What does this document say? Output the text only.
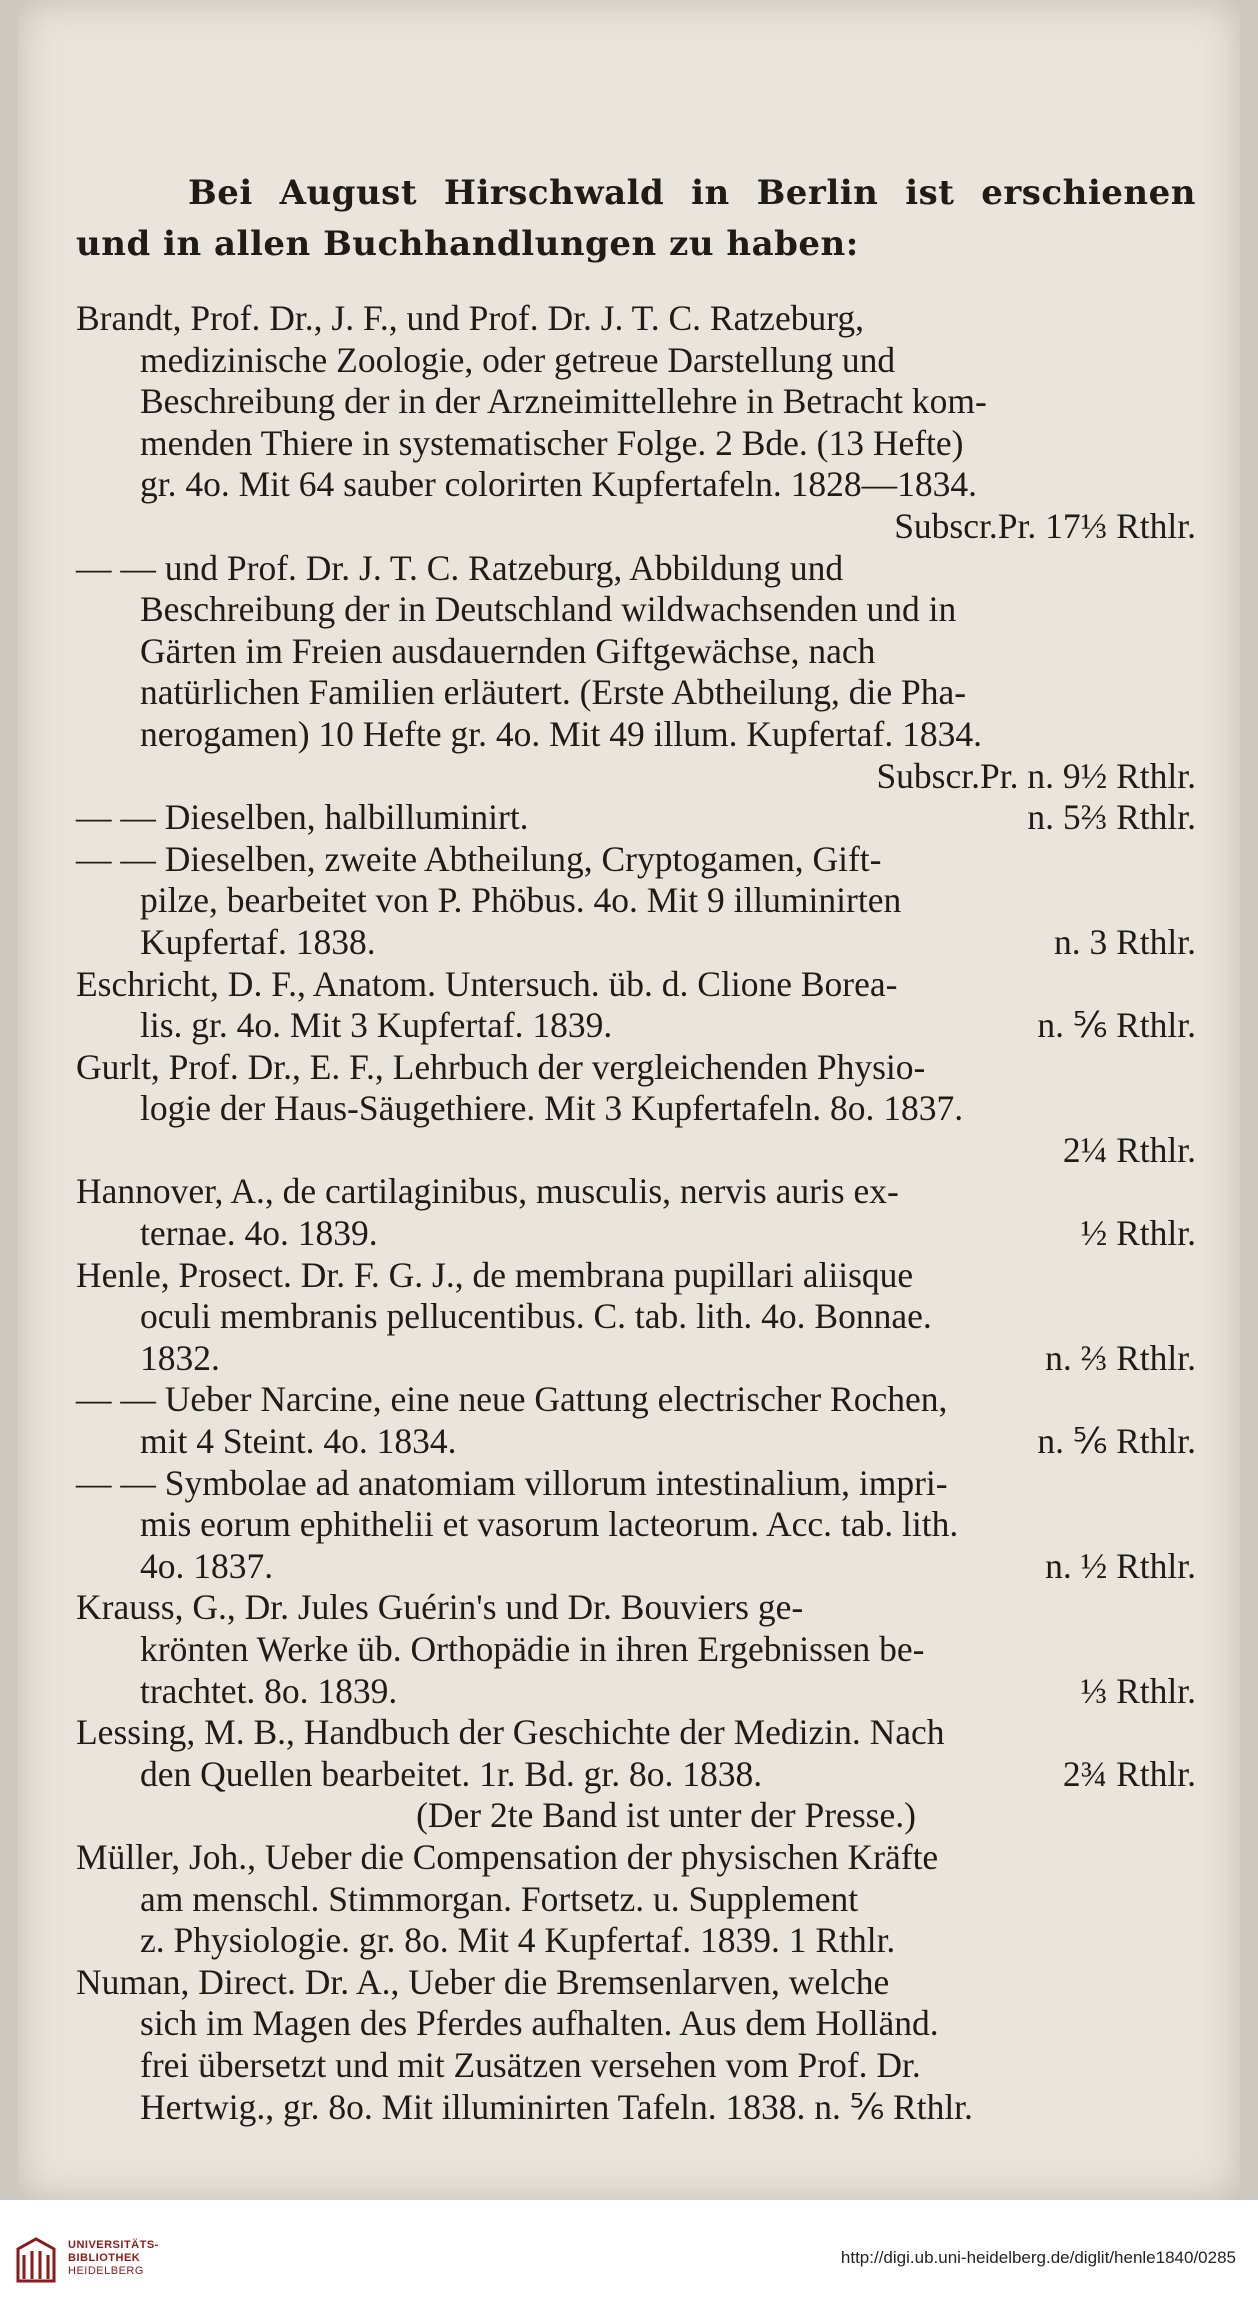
Bei August Hirschwald in Berlin ist erschienen und in allen Buchhandlungen zu haben:
Brandt, Prof. Dr., J. F., und Prof. Dr. J. T. C. Ratzeburg,
medizinische Zoologie, oder getreue Darstellung und
Beschreibung der in der Arzneimittellehre in Betracht kom-
menden Thiere in systematischer Folge. 2 Bde. (13 Hefte)
gr. 4o. Mit 64 sauber colorirten Kupfertafeln. 1828—1834.
Subscr.Pr. 17⅓ Rthlr.
— — und Prof. Dr. J. T. C. Ratzeburg, Abbildung und
Beschreibung der in Deutschland wildwachsenden und in
Gärten im Freien ausdauernden Giftgewächse, nach
natürlichen Familien erläutert. (Erste Abtheilung, die Pha-
nerogamen) 10 Hefte gr. 4o. Mit 49 illum. Kupfertaf. 1834.
Subscr.Pr. n. 9½ Rthlr.
— — Dieselben, halbilluminirt.	n. 5⅔ Rthlr.
— — Dieselben, zweite Abtheilung, Cryptogamen, Gift-
pilze, bearbeitet von P. Phöbus. 4o. Mit 9 illuminirten
Kupfertaf. 1838.	n. 3 Rthlr.
Eschricht, D. F., Anatom. Untersuch. üb. d. Clione Borea-
lis. gr. 4o. Mit 3 Kupfertaf. 1839.	n. ⅚ Rthlr.
Gurlt, Prof. Dr., E. F., Lehrbuch der vergleichenden Physio-
logie der Haus-Säugethiere. Mit 3 Kupfertafeln. 8o. 1837.
2¼ Rthlr.
Hannover, A., de cartilaginibus, musculis, nervis auris ex-
ternae. 4o. 1839.	½ Rthlr.
Henle, Prosect. Dr. F. G. J., de membrana pupillari aliisque
oculi membranis pellucentibus. C. tab. lith. 4o. Bonnae.
1832.	n. ⅔ Rthlr.
— — Ueber Narcine, eine neue Gattung electrischer Rochen,
mit 4 Steint. 4o. 1834.	n. ⅚ Rthlr.
— — Symbolae ad anatomiam villorum intestinalium, impri-
mis eorum ephithelii et vasorum lacteorum. Acc. tab. lith.
4o. 1837.	n. ½ Rthlr.
Krauss, G., Dr. Jules Guérin's und Dr. Bouviers ge-
krönten Werke üb. Orthopädie in ihren Ergebnissen be-
trachtet. 8o. 1839.	⅓ Rthlr.
Lessing, M. B., Handbuch der Geschichte der Medizin. Nach
den Quellen bearbeitet. 1r. Bd. gr. 8o. 1838.	2¾ Rthlr.
(Der 2te Band ist unter der Presse.)
Müller, Joh., Ueber die Compensation der physischen Kräfte
am menschl. Stimmorgan. Fortsetz. u. Supplement
z. Physiologie. gr. 8o. Mit 4 Kupfertaf. 1839. 1 Rthlr.
Numan, Direct. Dr. A., Ueber die Bremsenlarven, welche
sich im Magen des Pferdes aufhalten. Aus dem Holländ.
frei übersetzt und mit Zusätzen versehen vom Prof. Dr.
Hertwig., gr. 8o. Mit illuminirten Tafeln. 1838. n. ⅚ Rthlr.
UNIVERSITÄTS-
BIBLIOTHEK
HEIDELBERG
http://digi.ub.uni-heidelberg.de/diglit/henle1840/0285
